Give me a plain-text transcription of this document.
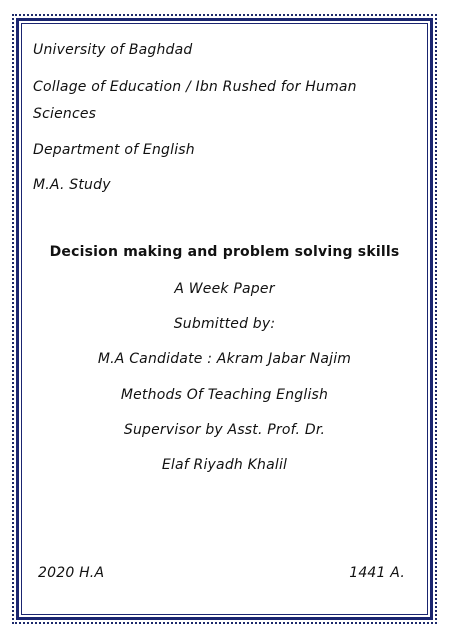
University of Baghdad
Collage of Education / Ibn Rushed for Human
Sciences
Department of English
M.A. Study
Decision making and problem solving skills
A Week Paper
Submitted by:
M.A Candidate : Akram Jabar Najim
Methods Of Teaching English
Supervisor by Asst. Prof. Dr.
Elaf Riyadh Khalil
2020 H.A	1441 A.
